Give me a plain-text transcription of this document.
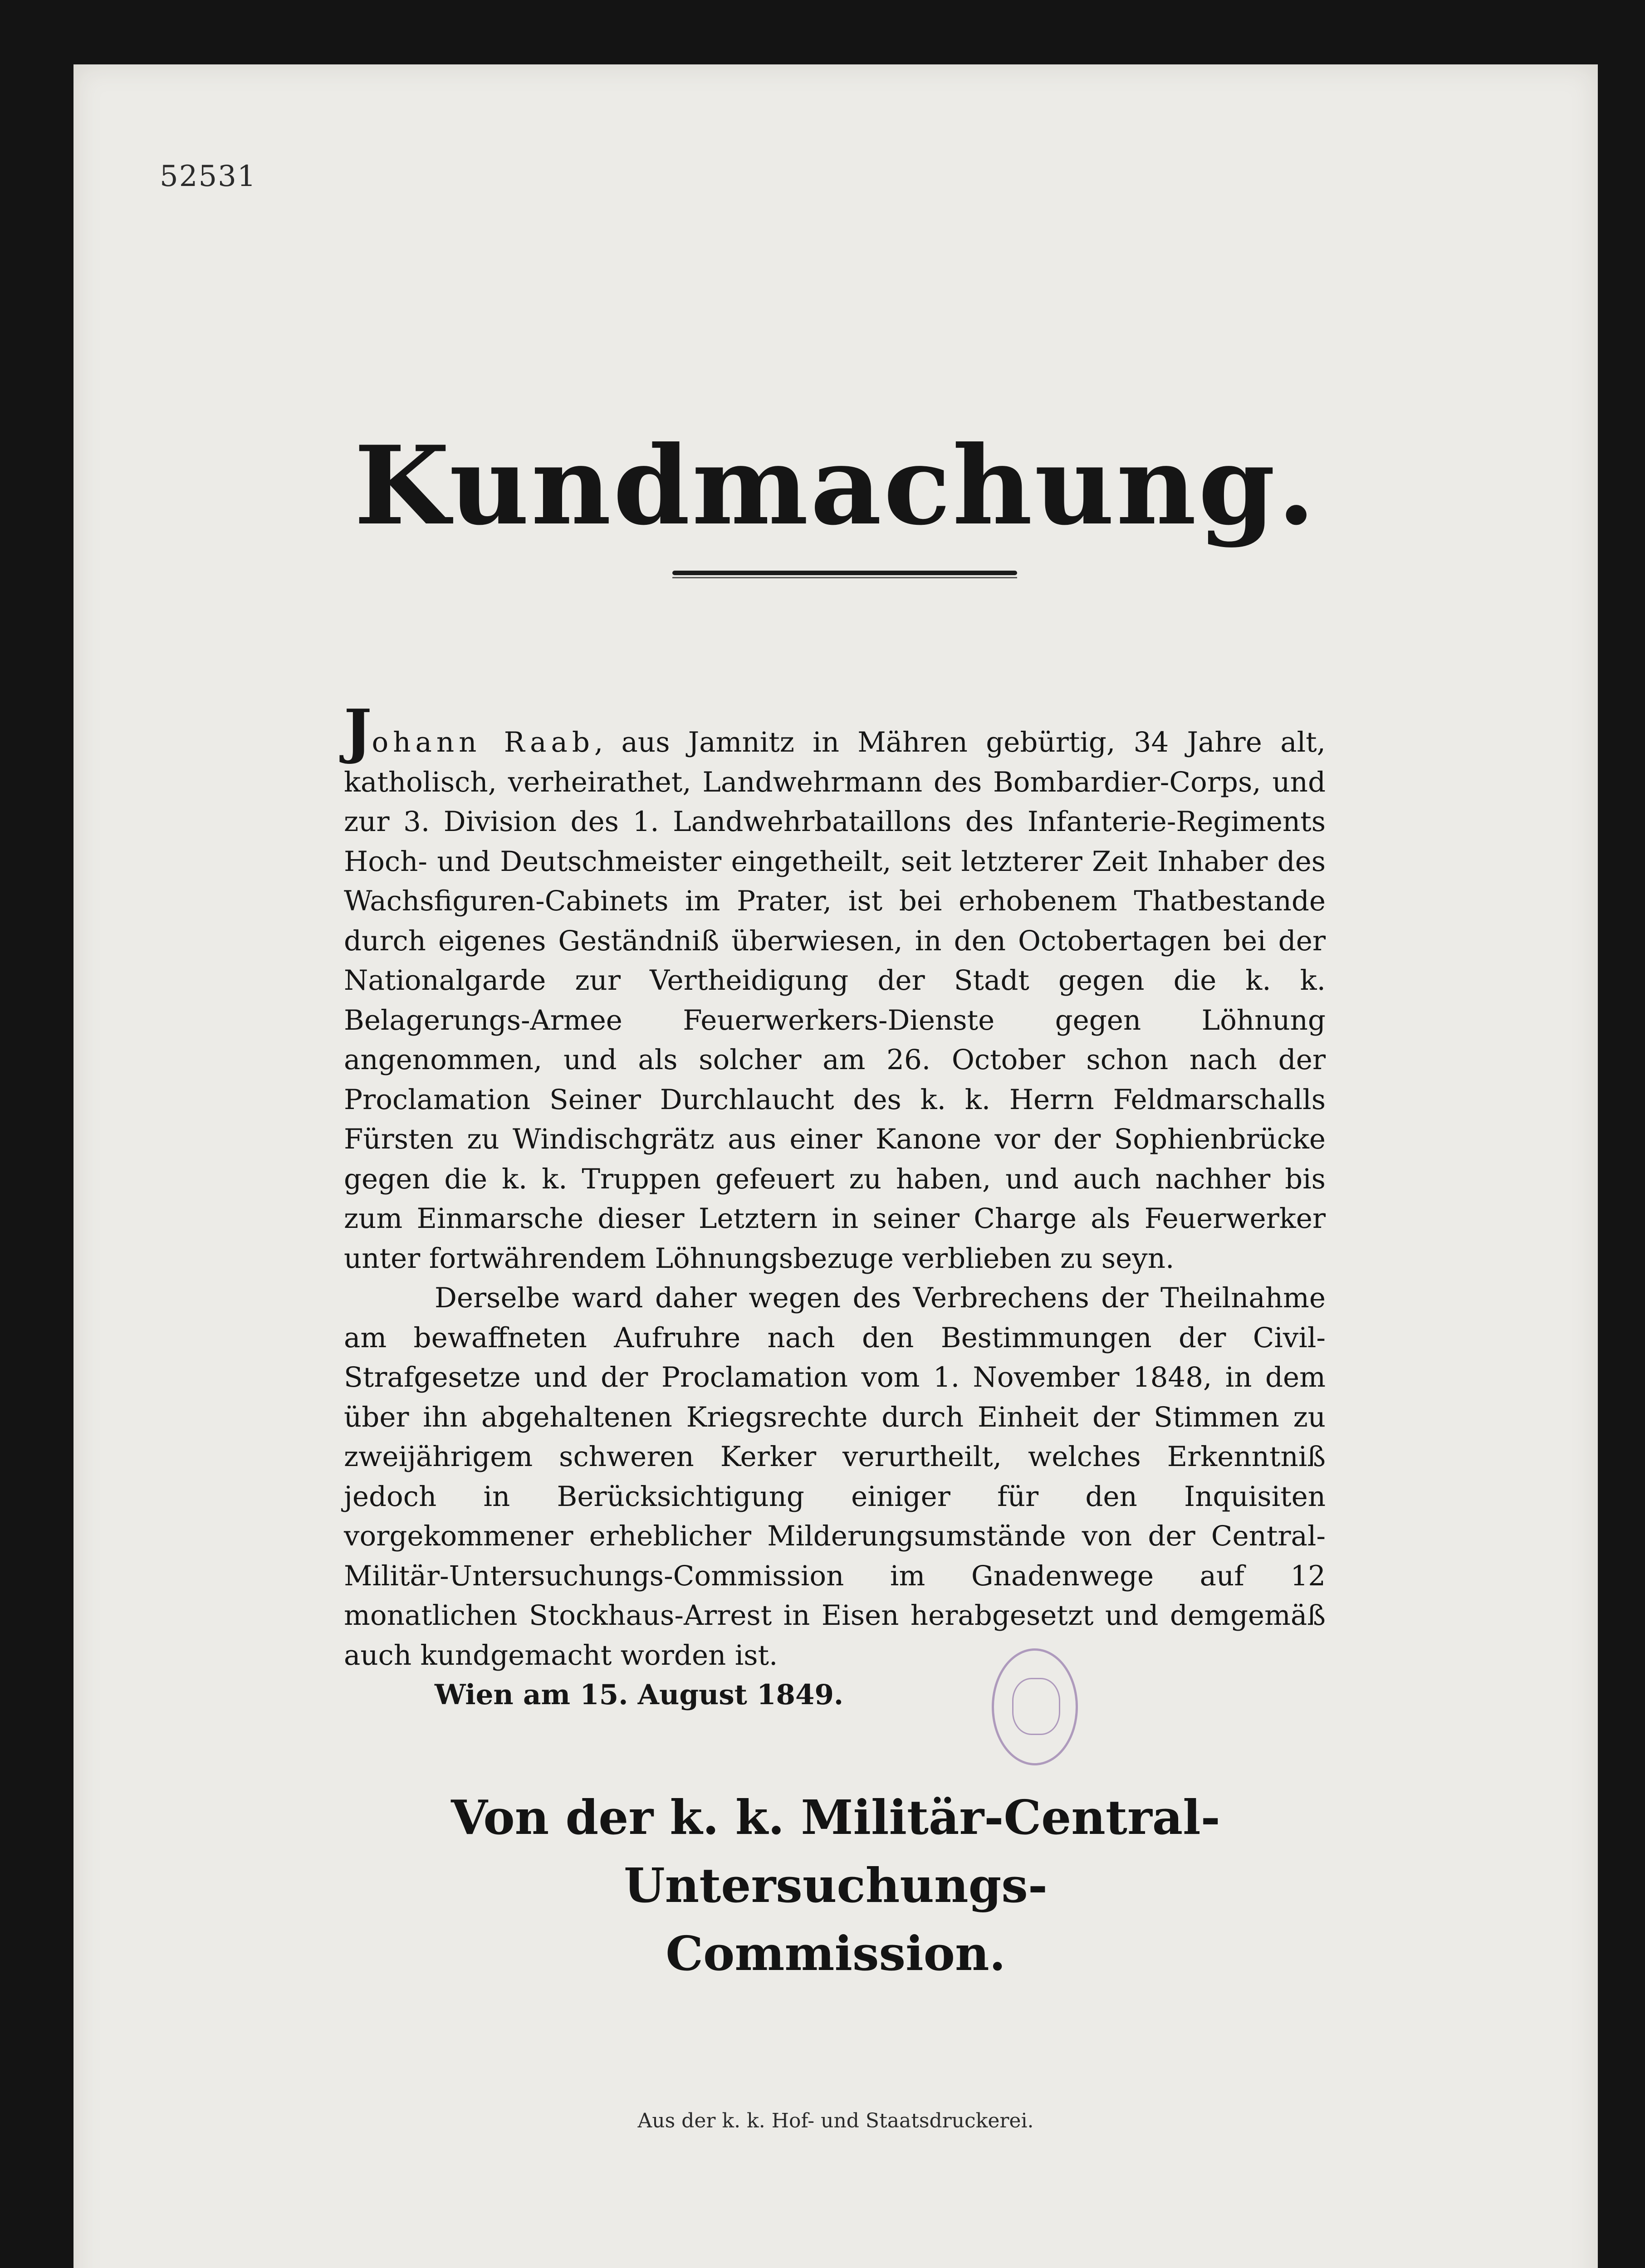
52531
Kundmachung.

Johann Raab, aus Jamnitz in Mähren gebürtig, 34 Jahre alt, katholisch, verheirathet, Landwehrmann des Bombardier-Corps, und zur 3. Division des 1. Landwehrbataillons des Infanterie-Regiments Hoch- und Deutschmeister eingetheilt, seit letzterer Zeit Inhaber des Wachsfiguren-Cabinets im Prater, ist bei erhobenem Thatbestande durch eigenes Geständniß überwiesen, in den Octobertagen bei der Nationalgarde zur Vertheidigung der Stadt gegen die k. k. Belagerungs-Armee Feuerwerkers-Dienste gegen Löhnung angenommen, und als solcher am 26. October schon nach der Proclamation Seiner Durchlaucht des k. k. Herrn Feldmarschalls Fürsten zu Windischgrätz aus einer Kanone vor der Sophienbrücke gegen die k. k. Truppen gefeuert zu haben, und auch nachher bis zum Einmarsche dieser Letztern in seiner Charge als Feuerwerker unter fortwährendem Löhnungsbezuge verblieben zu seyn.

Derselbe ward daher wegen des Verbrechens der Theilnahme am bewaffneten Aufruhre nach den Bestimmungen der Civil-Strafgesetze und der Proclamation vom 1. November 1848, in dem über ihn abgehaltenen Kriegsrechte durch Einheit der Stimmen zu zweijährigem schweren Kerker verurtheilt, welches Erkenntniß jedoch in Berücksichtigung einiger für den Inquisiten vorgekommener erheblicher Milderungsumstände von der Central-Militär-Untersuchungs-Commission im Gnadenwege auf 12 monatlichen Stockhaus-Arrest in Eisen herabgesetzt und demgemäß auch kundgemacht worden ist.

Wien am 15. August 1849.

Von der k. k. Militär-Central-Untersuchungs-
Commission.
Aus der k. k. Hof- und Staatsdruckerei.
